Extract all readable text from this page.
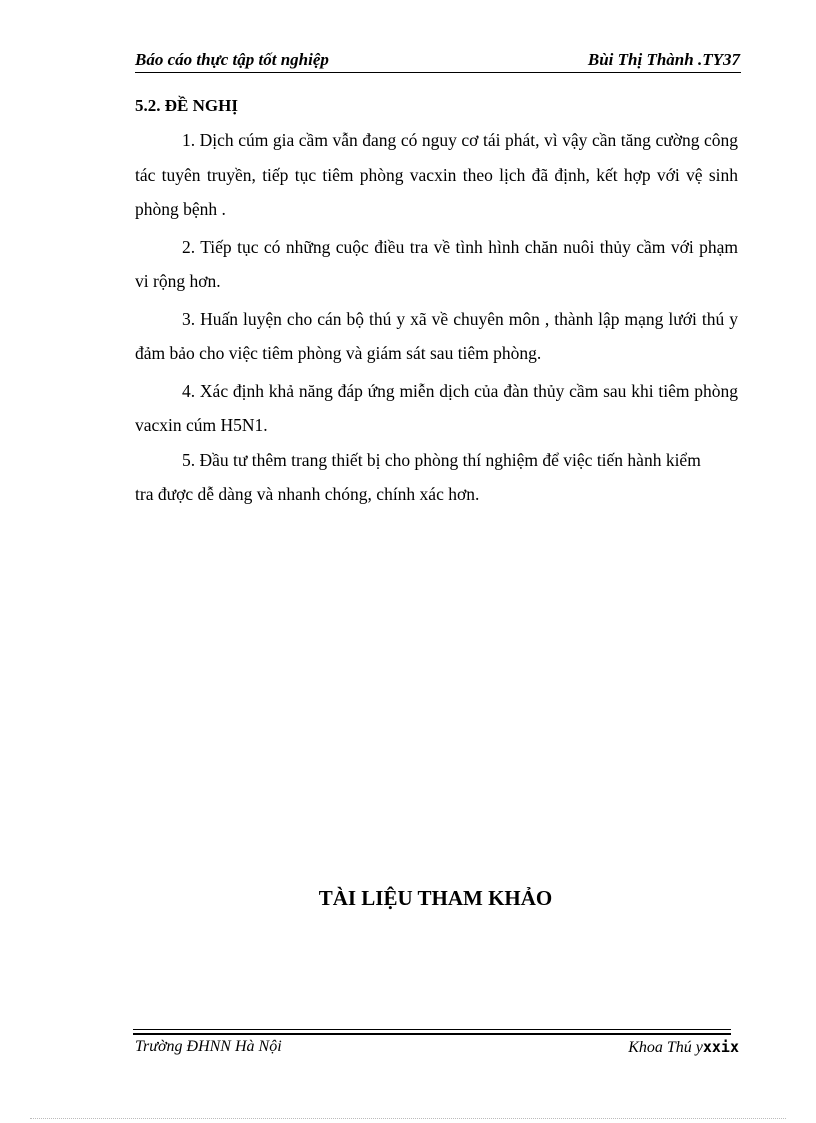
Báo cáo thực tập tốt nghiệp	Bùi Thị Thành .TY37

5.2. ĐỀ NGHỊ

1. Dịch cúm gia cầm vẫn đang có nguy cơ tái phát, vì vậy cần tăng cường công tác tuyên truyền, tiếp tục tiêm phòng vacxin theo lịch đã định, kết hợp với vệ sinh phòng bệnh .

2. Tiếp tục có những cuộc điều tra về tình hình chăn nuôi thủy cầm với phạm vi rộng hơn.

3. Huấn luyện cho cán bộ thú y xã về chuyên môn , thành lập mạng lưới thú y đảm bảo cho việc tiêm phòng và giám sát sau tiêm phòng.

4. Xác định khả năng đáp ứng miễn dịch của đàn thủy cầm sau khi tiêm phòng vacxin cúm H5N1.

5. Đầu tư thêm trang thiết bị cho phòng thí nghiệm để việc tiến hành kiểm tra được dễ dàng và nhanh chóng, chính xác hơn.

TÀI LIỆU THAM KHẢO
Trường ĐHNN Hà Nội	Khoa Thú yxxix
